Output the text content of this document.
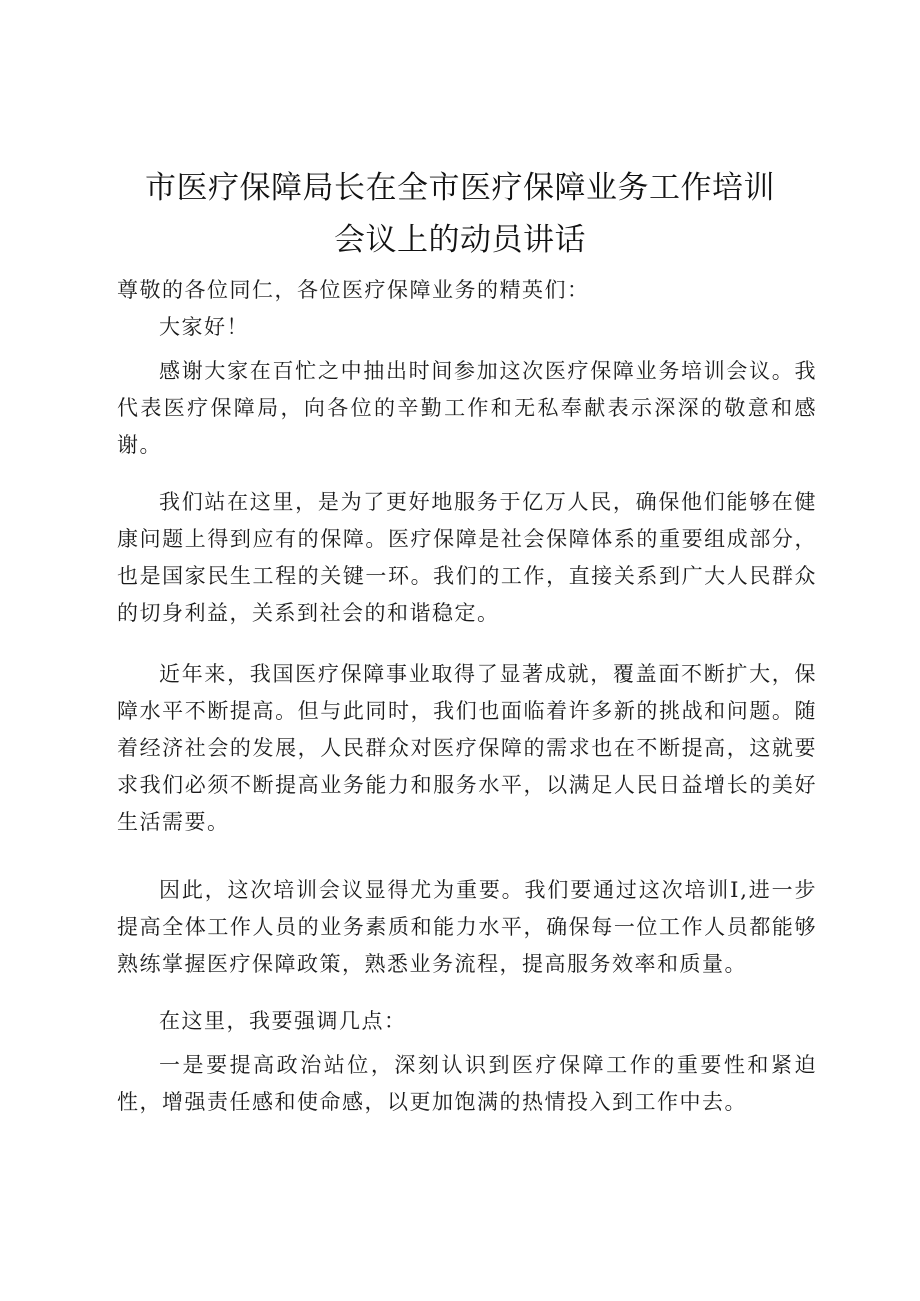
市医疗保障局长在全市医疗保障业务工作培训
会议上的动员讲话
尊敬的各位同仁，各位医疗保障业务的精英们：

大家好！

感谢大家在百忙之中抽出时间参加这次医疗保障业务培训会议。我代表医疗保障局，向各位的辛勤工作和无私奉献表示深深的敬意和感谢。

我们站在这里，是为了更好地服务于亿万人民，确保他们能够在健康问题上得到应有的保障。医疗保障是社会保障体系的重要组成部分，也是国家民生工程的关键一环。我们的工作，直接关系到广大人民群众的切身利益，关系到社会的和谐稳定。

近年来，我国医疗保障事业取得了显著成就，覆盖面不断扩大，保障水平不断提高。但与此同时，我们也面临着许多新的挑战和问题。随着经济社会的发展，人民群众对医疗保障的需求也在不断提高，这就要求我们必须不断提高业务能力和服务水平，以满足人民日益增长的美好生活需要。

因此，这次培训会议显得尤为重要。我们要通过这次培训Ⅰ,进一步提高全体工作人员的业务素质和能力水平，确保每一位工作人员都能够熟练掌握医疗保障政策，熟悉业务流程，提高服务效率和质量。

在这里，我要强调几点：

一是要提高政治站位，深刻认识到医疗保障工作的重要性和紧迫性，增强责任感和使命感，以更加饱满的热情投入到工作中去。
